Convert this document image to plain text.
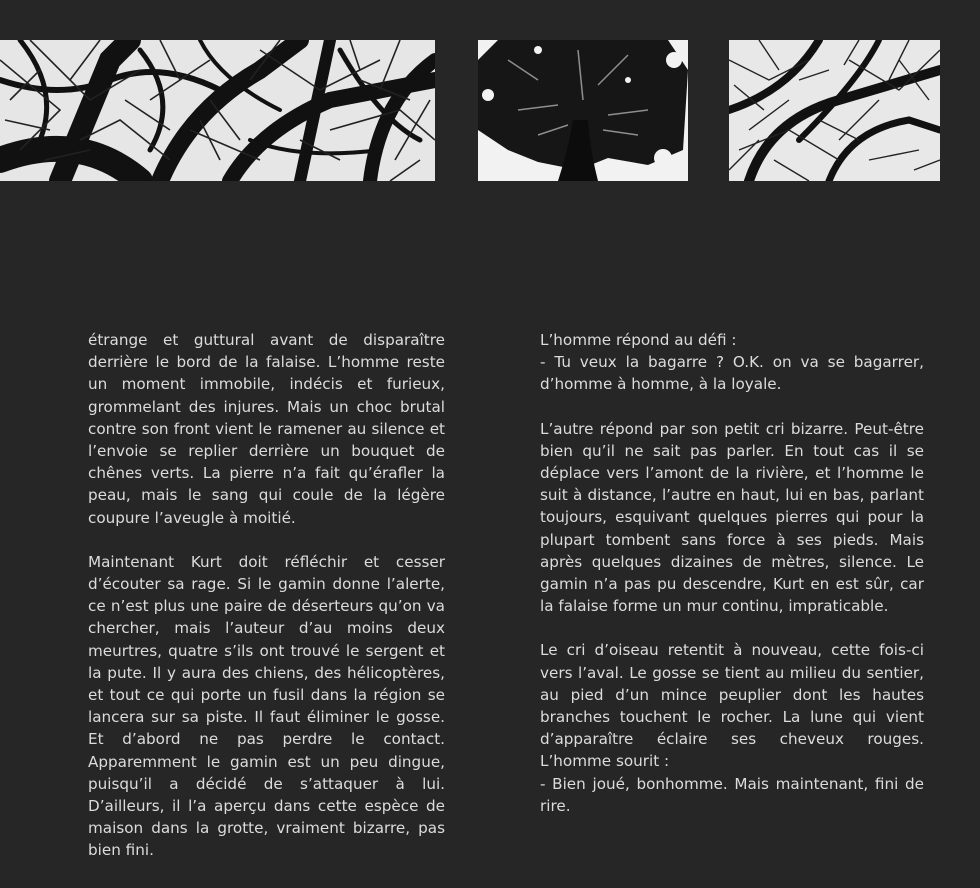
étrange et guttural avant de disparaître derrière le bord de la falaise. L’homme reste un moment immobile, indécis et furieux, grommelant des injures. Mais un choc brutal contre son front vient le ramener au silence et l’envoie se replier derrière un bouquet de chênes verts. La pierre n’a fait qu’érafler la peau, mais le sang qui coule de la légère coupure l’aveugle à moitié.

Maintenant Kurt doit réfléchir et cesser d’écouter sa rage. Si le gamin donne l’alerte, ce n’est plus une paire de déserteurs qu’on va chercher, mais l’auteur d’au moins deux meurtres, quatre s’ils ont trouvé le sergent et la pute. Il y aura des chiens, des hélicoptères, et tout ce qui porte un fusil dans la région se lancera sur sa piste. Il faut éliminer le gosse. Et d’abord ne pas perdre le contact. Apparemment le gamin est un peu dingue, puisqu’il a décidé de s’attaquer à lui. D’ailleurs, il l’a aperçu dans cette espèce de maison dans la grotte, vraiment bizarre, pas bien fini.

L’homme répond au défi :
- Tu veux la bagarre ? O.K. on va se bagarrer, d’homme à homme, à la loyale.

L’autre répond par son petit cri bizarre. Peut-être bien qu’il ne sait pas parler. En tout cas il se déplace vers l’amont de la rivière, et l’homme le suit à distance, l’autre en haut, lui en bas, parlant toujours, esquivant quelques pierres qui pour la plupart tombent sans force à ses pieds. Mais après quelques dizaines de mètres, silence. Le gamin n’a pas pu descendre, Kurt en est sûr, car la falaise forme un mur continu, impraticable.

Le cri d’oiseau retentit à nouveau, cette fois-ci vers l’aval. Le gosse se tient au milieu du sentier, au pied d’un mince peuplier dont les hautes branches touchent le rocher. La lune qui vient d’apparaître éclaire ses cheveux rouges. L’homme sourit :
- Bien joué, bonhomme. Mais maintenant, fini de rire.
